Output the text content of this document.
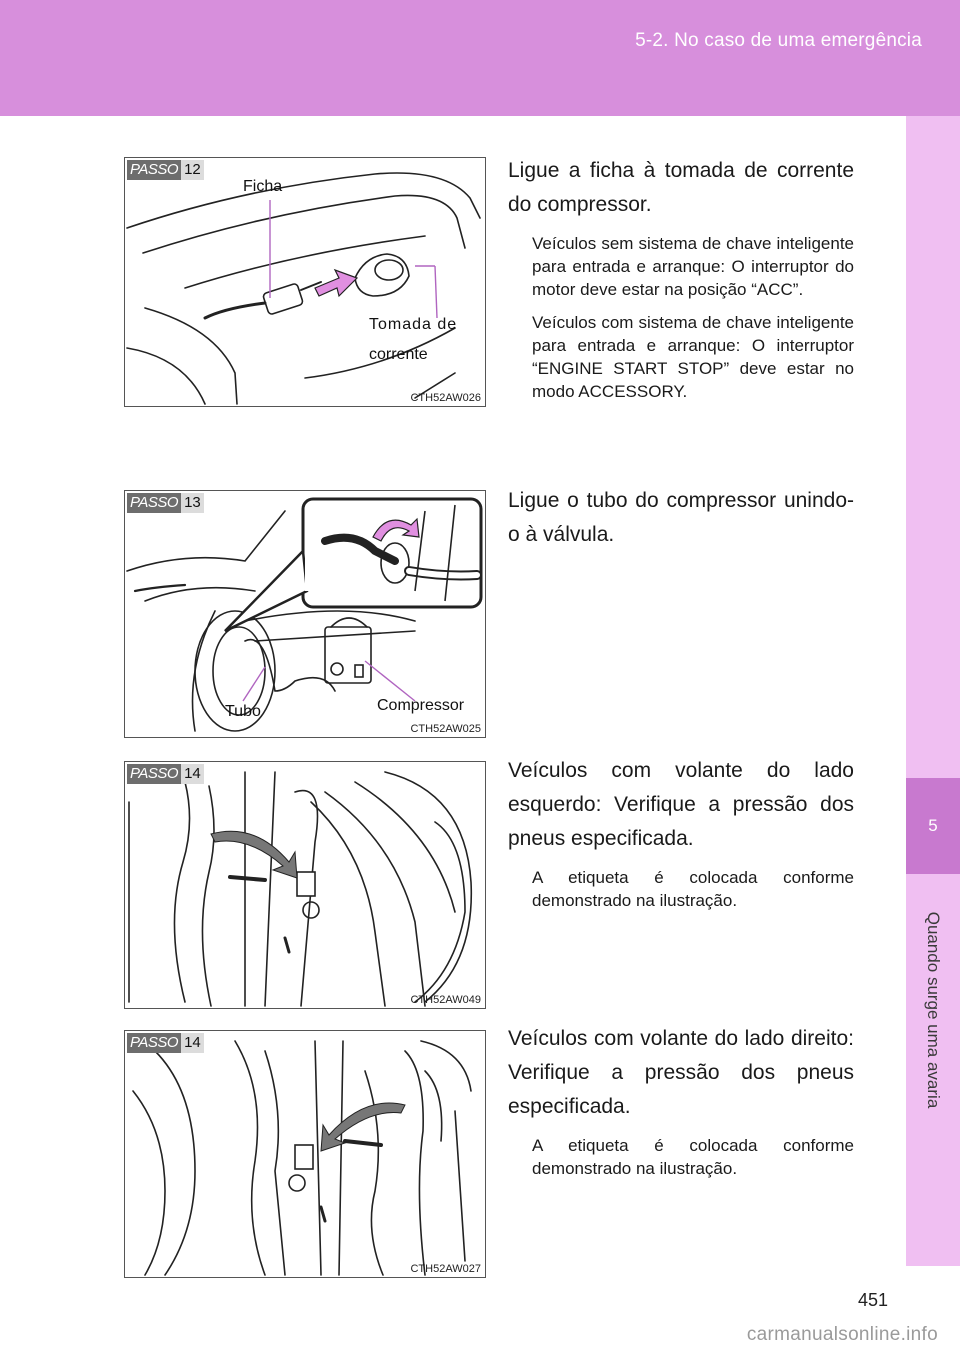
5-2. No caso de uma emergência
5
Quando surge uma avaria
PASSO 12
Ficha
Tomada de
corrente
CTH52AW026

Ligue a ficha à tomada de corrente do compressor.

Veículos sem sistema de chave inteligente para entrada e arranque: O interruptor do motor deve estar na posição “ACC”.

Veículos com sistema de chave inteligente para entrada e arranque: O interruptor “ENGINE START STOP” deve estar no modo ACCESSORY.

PASSO 13
Tubo	Compressor
CTH52AW025

Ligue o tubo do compressor unindo-o à válvula.

PASSO 14
CTH52AW049

Veículos com volante do lado esquerdo: Verifique a pressão dos pneus especificada.

A etiqueta é colocada conforme demonstrado na ilustração.

PASSO 14
CTH52AW027

Veículos com volante do lado direito: Verifique a pressão dos pneus especificada.

A etiqueta é colocada conforme demonstrado na ilustração.

451
carmanualsonline.info
